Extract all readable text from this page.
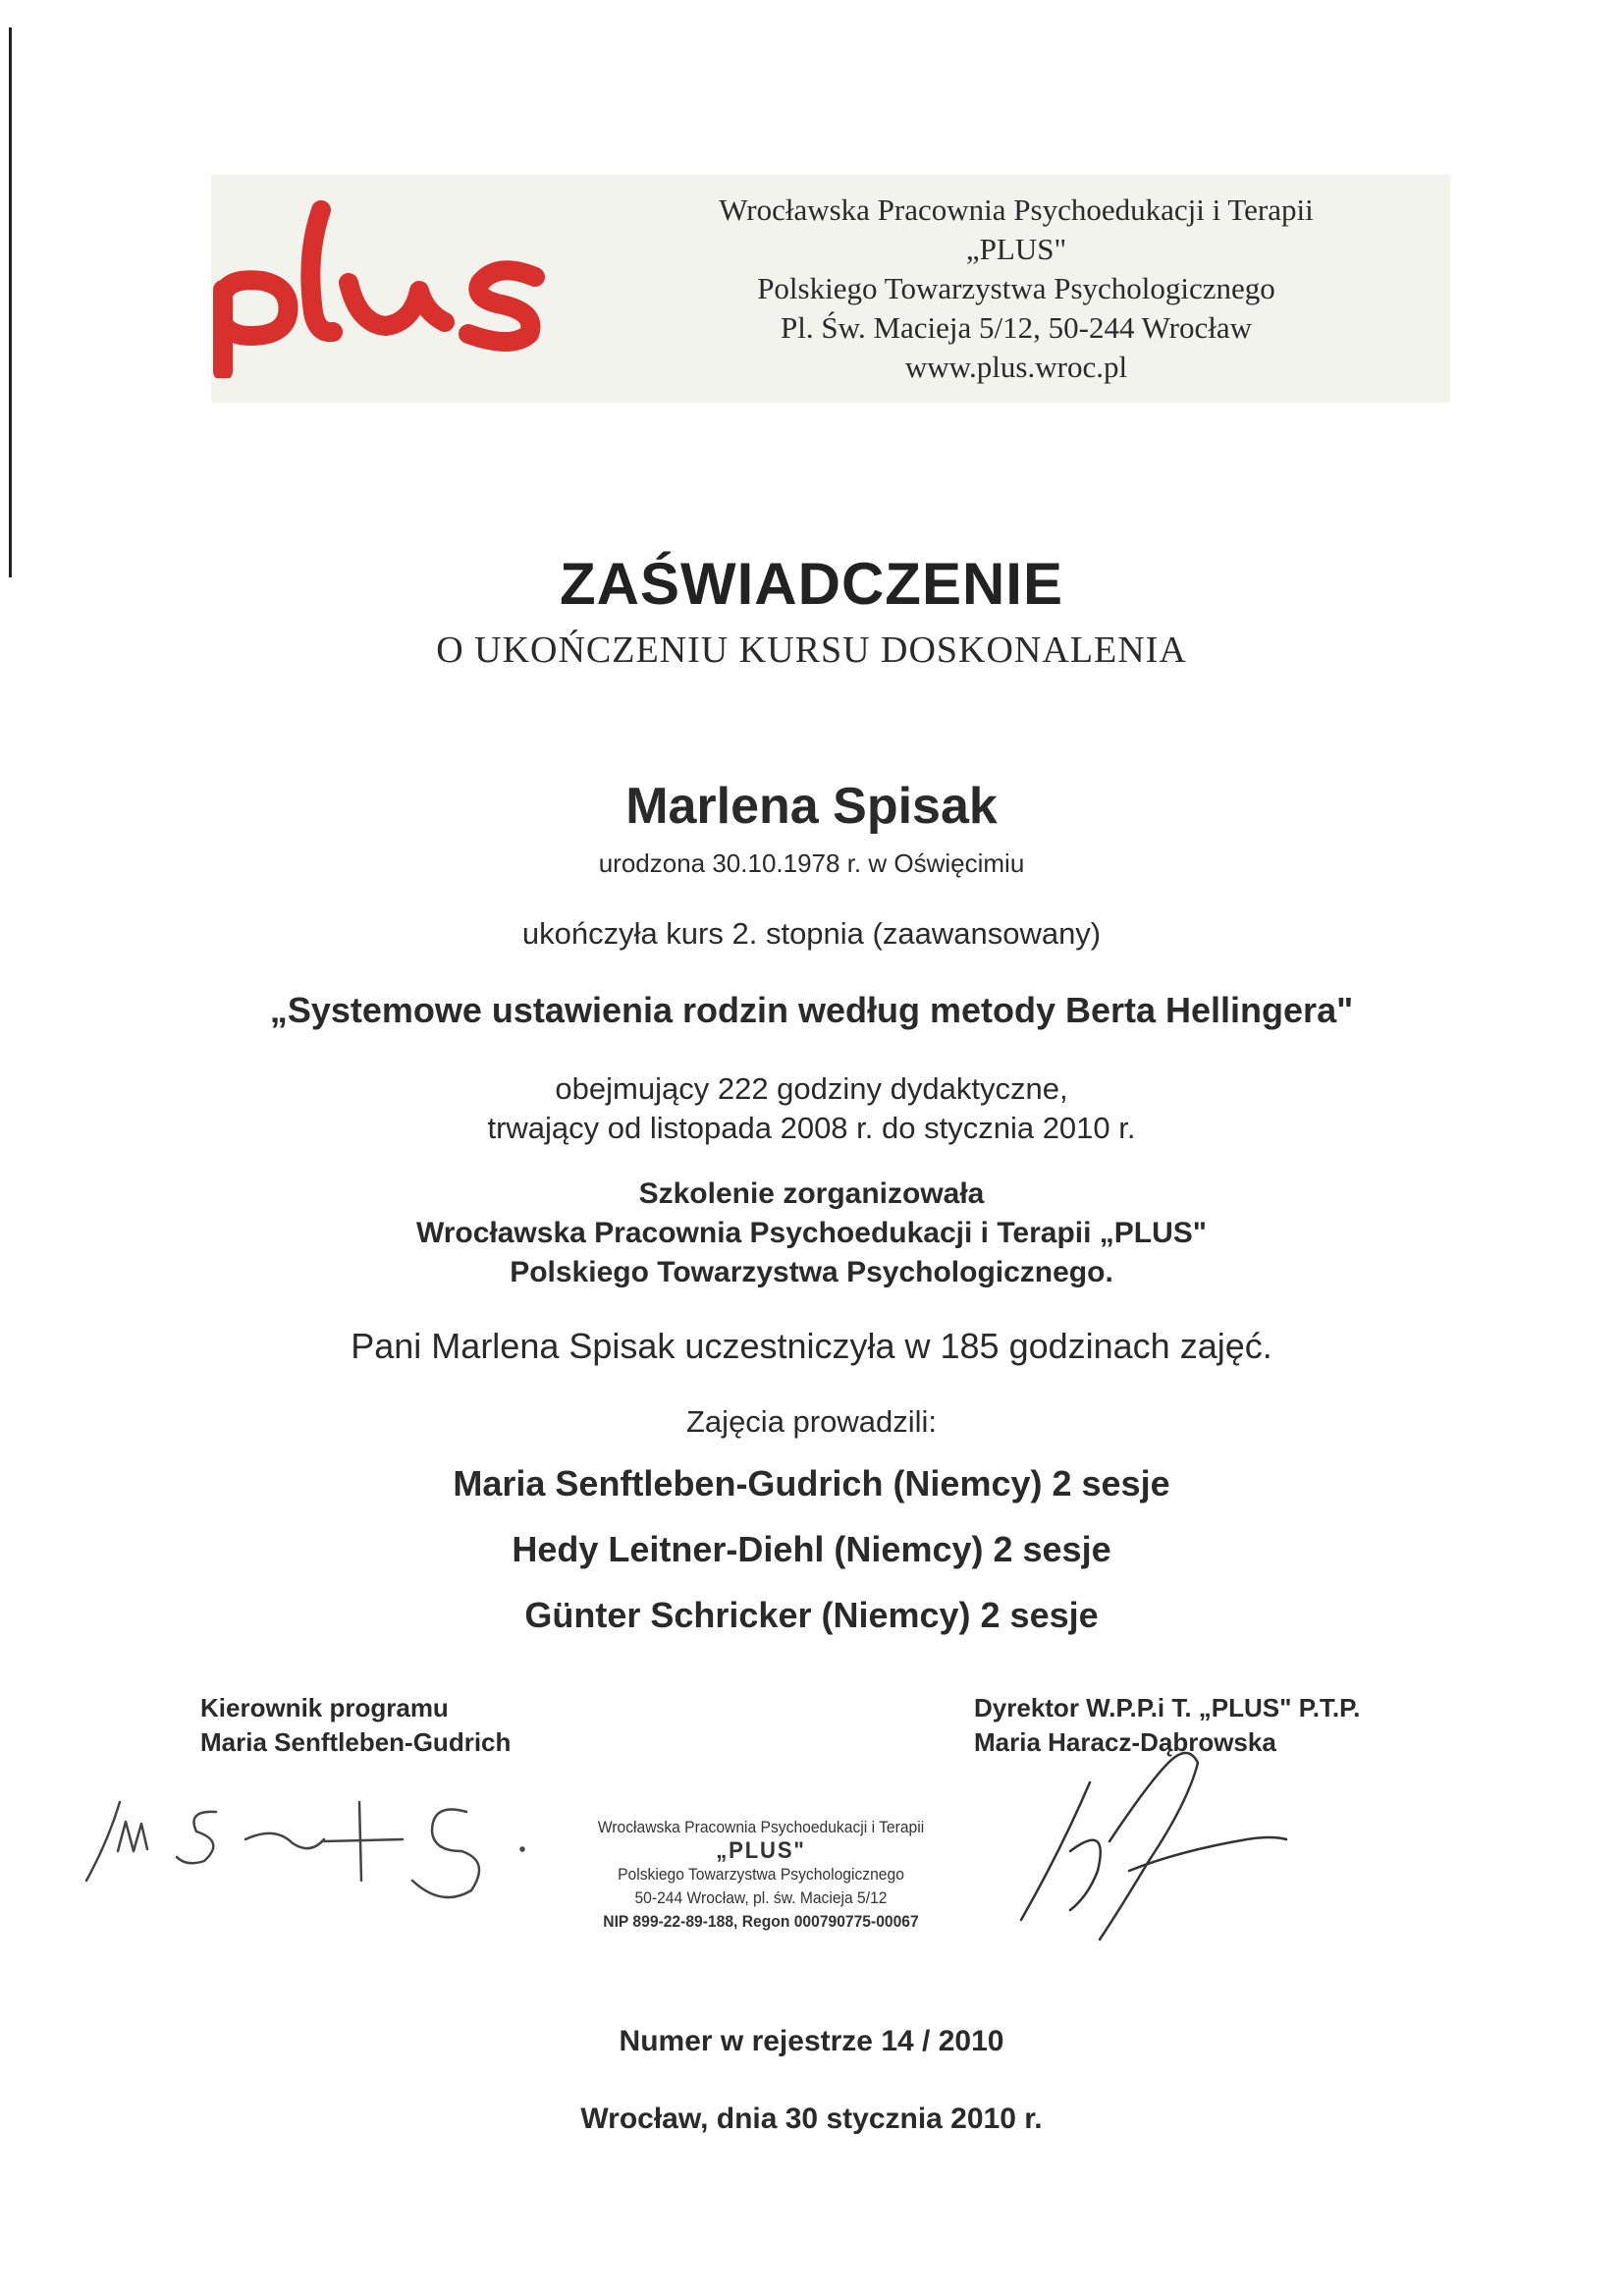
Wrocławska Pracownia Psychoedukacji i Terapii
„PLUS"
Polskiego Towarzystwa Psychologicznego
Pl. Św. Macieja 5/12, 50-244 Wrocław
www.plus.wroc.pl
ZAŚWIADCZENIE
O UKOŃCZENIU KURSU DOSKONALENIA
Marlena Spisak
urodzona 30.10.1978 r. w Oświęcimiu
ukończyła kurs 2. stopnia (zaawansowany)
„Systemowe ustawienia rodzin według metody Berta Hellingera"
obejmujący 222 godziny dydaktyczne,
trwający od listopada 2008 r. do stycznia 2010 r.
Szkolenie zorganizowała
Wrocławska Pracownia Psychoedukacji i Terapii „PLUS"
Polskiego Towarzystwa Psychologicznego.
Pani Marlena Spisak uczestniczyła w 185 godzinach zajęć.
Zajęcia prowadzili:
Maria Senftleben-Gudrich (Niemcy) 2 sesje
Hedy Leitner-Diehl (Niemcy) 2 sesje
Günter Schricker (Niemcy) 2 sesje
Kierownik programu
Maria Senftleben-Gudrich
Dyrektor W.P.P.i T. „PLUS" P.T.P.
Maria Haracz-Dąbrowska
Wrocławska Pracownia Psychoedukacji i Terapii
„PLUS"
Polskiego Towarzystwa Psychologicznego
50-244 Wrocław, pl. św. Macieja 5/12
NIP 899-22-89-188, Regon 000790775-00067
Numer w rejestrze 14 / 2010
Wrocław, dnia 30 stycznia 2010 r.
